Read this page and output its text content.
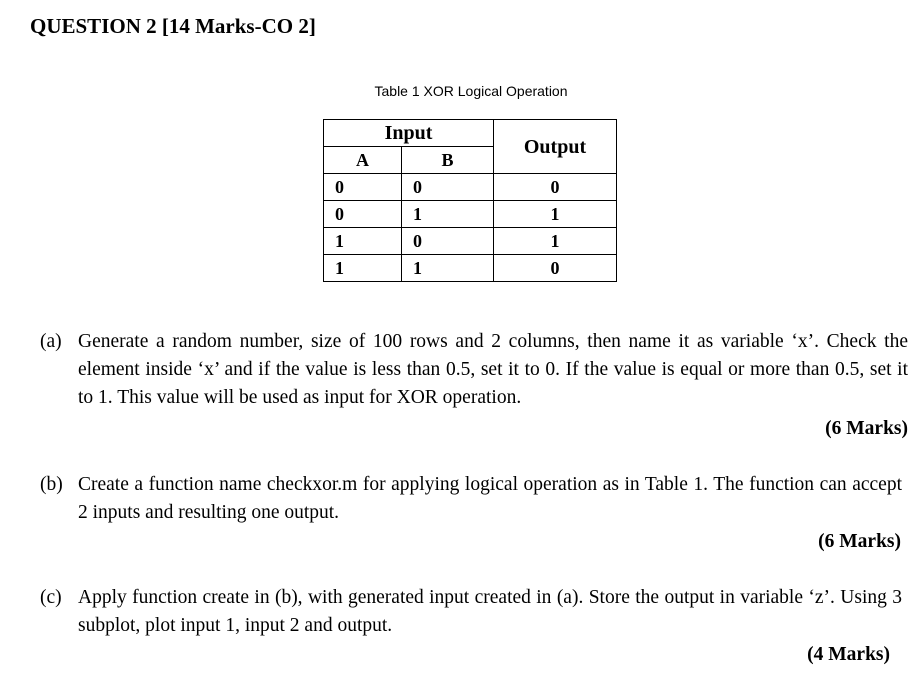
QUESTION 2 [14 Marks-CO 2]
Table 1 XOR Logical Operation
Input		Output
A	B	
0	0	0
0	1	1
1	0	1
1	1	0
(a) Generate a random number, size of 100 rows and 2 columns, then name it as variable ‘x’. Check the element inside ‘x’ and if the value is less than 0.5, set it to 0. If the value is equal or more than 0.5, set it to 1. This value will be used as input for XOR operation.
(6 Marks)
(b) Create a function name checkxor.m for applying logical operation as in Table 1. The function can accept 2 inputs and resulting one output.
(6 Marks)
(c) Apply function create in (b), with generated input created in (a). Store the output in variable ‘z’. Using 3 subplot, plot input 1, input 2 and output.
(4 Marks)
